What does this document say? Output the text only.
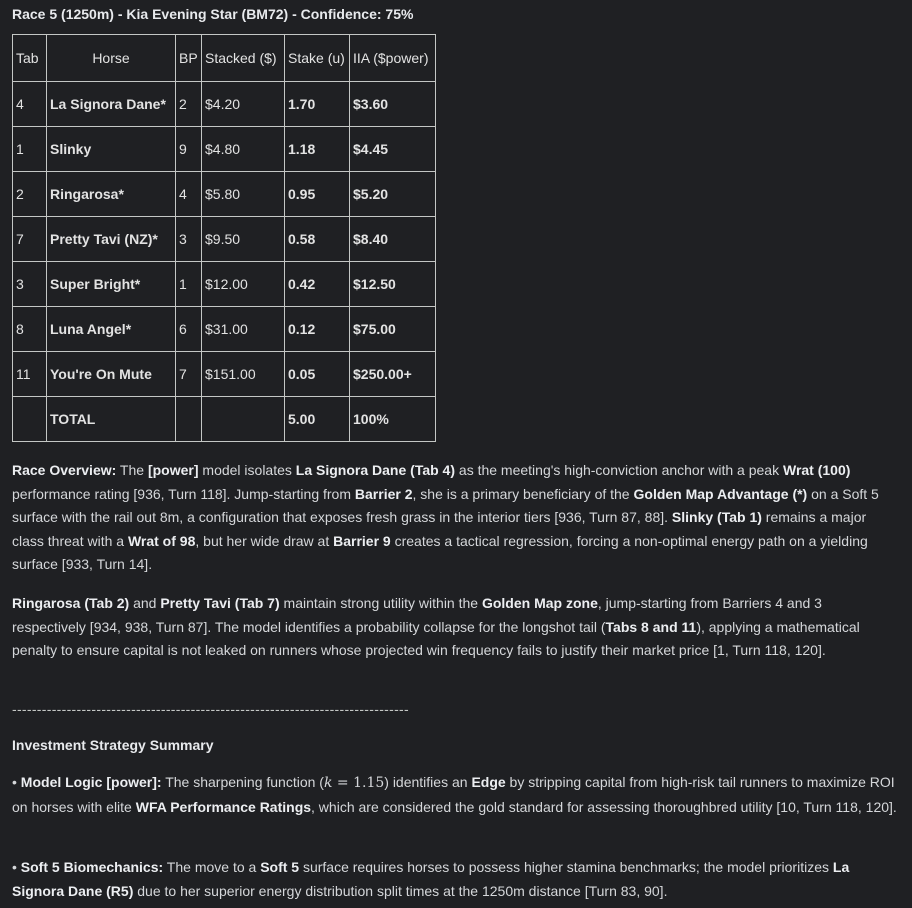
Race 5 (1250m) - Kia Evening Star (BM72) - Confidence: 75%
Tab	Horse	BP	Stacked ($)	Stake (u)	IIA ($power)
4	La Signora Dane*	2	$4.20	1.70	$3.60
1	Slinky	9	$4.80	1.18	$4.45
2	Ringarosa*	4	$5.80	0.95	$5.20
7	Pretty Tavi (NZ)*	3	$9.50	0.58	$8.40
3	Super Bright*	1	$12.00	0.42	$12.50
8	Luna Angel*	6	$31.00	0.12	$75.00
11	You're On Mute	7	$151.00	0.05	$250.00+
	TOTAL			5.00	100%
Race Overview: The [power] model isolates La Signora Dane (Tab 4) as the meeting's high-conviction anchor with a peak Wrat (100) performance rating [936, Turn 118]. Jump-starting from Barrier 2, she is a primary beneficiary of the Golden Map Advantage (*) on a Soft 5 surface with the rail out 8m, a configuration that exposes fresh grass in the interior tiers [936, Turn 87, 88]. Slinky (Tab 1) remains a major class threat with a Wrat of 98, but her wide draw at Barrier 9 creates a tactical regression, forcing a non-optimal energy path on a yielding surface [933, Turn 14].
Ringarosa (Tab 2) and Pretty Tavi (Tab 7) maintain strong utility within the Golden Map zone, jump-starting from Barriers 4 and 3 respectively [934, 938, Turn 87]. The model identifies a probability collapse for the longshot tail (Tabs 8 and 11), applying a mathematical penalty to ensure capital is not leaked on runners whose projected win frequency fails to justify their market price [1, Turn 118, 120].
--------------------------------------------------------------------------------
Investment Strategy Summary
• Model Logic [power]: The sharpening function (k = 1.15) identifies an Edge by stripping capital from high-risk tail runners to maximize ROI on horses with elite WFA Performance Ratings, which are considered the gold standard for assessing thoroughbred utility [10, Turn 118, 120].
• Soft 5 Biomechanics: The move to a Soft 5 surface requires horses to possess higher stamina benchmarks; the model prioritizes La Signora Dane (R5) due to her superior energy distribution split times at the 1250m distance [Turn 83, 90].
